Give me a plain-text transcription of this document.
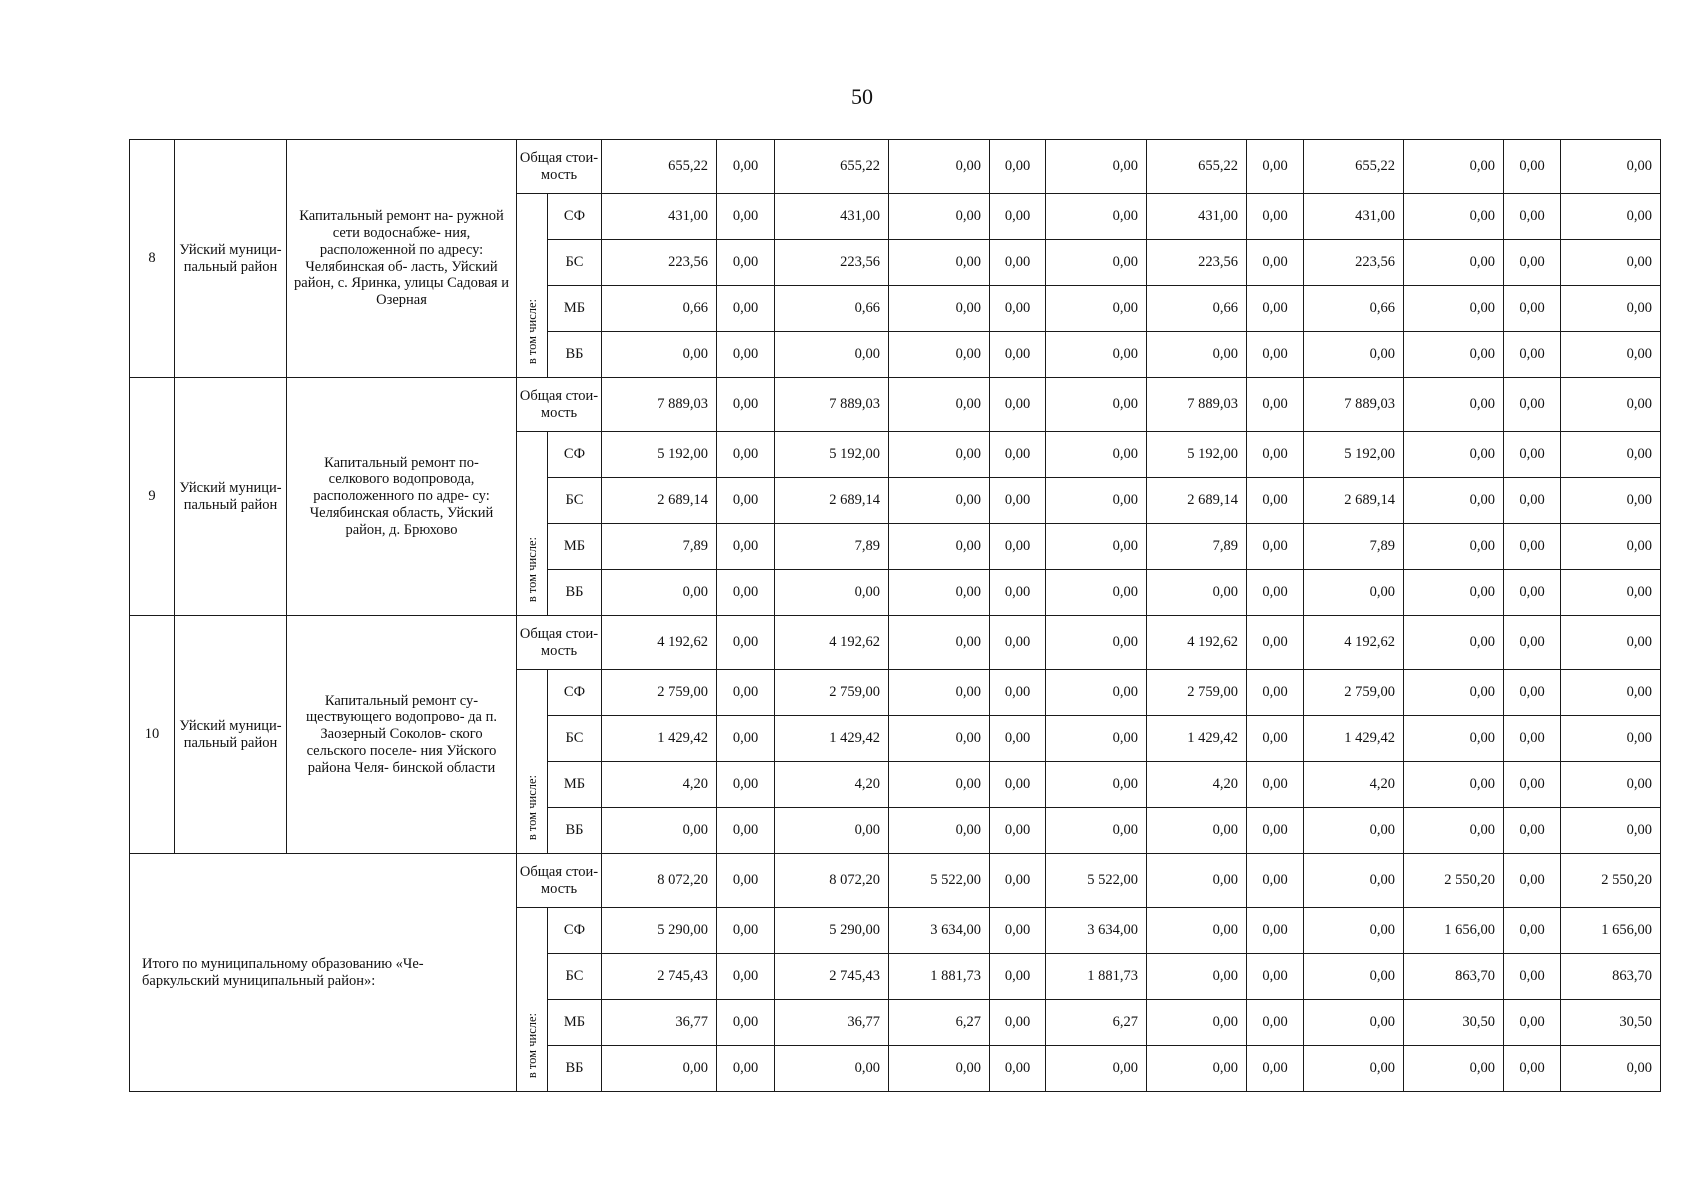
50
8	Уйский муници- пальный район	Капитальный ремонт на- ружной сети водоснабже- ния, расположенной по адресу: Челябинская об- ласть, Уйский район, с. Яринка, улицы Садовая и Озерная	Общая стои- мость		655,22	0,00	655,22	0,00	0,00	0,00	655,22	0,00	655,22	0,00	0,00	0,00
			в том числе:	СФ	431,00	0,00	431,00	0,00	0,00	0,00	431,00	0,00	431,00	0,00	0,00	0,00
				БС	223,56	0,00	223,56	0,00	0,00	0,00	223,56	0,00	223,56	0,00	0,00	0,00
				МБ	0,66	0,00	0,66	0,00	0,00	0,00	0,66	0,00	0,66	0,00	0,00	0,00
				ВБ	0,00	0,00	0,00	0,00	0,00	0,00	0,00	0,00	0,00	0,00	0,00	0,00
9	Уйский муници- пальный район	Капитальный ремонт по- селкового водопровода, расположенного по адре- су: Челябинская область, Уйский район, д. Брюхово	Общая стои- мость		7 889,03	0,00	7 889,03	0,00	0,00	0,00	7 889,03	0,00	7 889,03	0,00	0,00	0,00
			в том числе:	СФ	5 192,00	0,00	5 192,00	0,00	0,00	0,00	5 192,00	0,00	5 192,00	0,00	0,00	0,00
				БС	2 689,14	0,00	2 689,14	0,00	0,00	0,00	2 689,14	0,00	2 689,14	0,00	0,00	0,00
				МБ	7,89	0,00	7,89	0,00	0,00	0,00	7,89	0,00	7,89	0,00	0,00	0,00
				ВБ	0,00	0,00	0,00	0,00	0,00	0,00	0,00	0,00	0,00	0,00	0,00	0,00
10	Уйский муници- пальный район	Капитальный ремонт су- ществующего водопрово- да п. Заозерный Соколов- ского сельского поселе- ния Уйского района Челя- бинской области	Общая стои- мость		4 192,62	0,00	4 192,62	0,00	0,00	0,00	4 192,62	0,00	4 192,62	0,00	0,00	0,00
			в том числе:	СФ	2 759,00	0,00	2 759,00	0,00	0,00	0,00	2 759,00	0,00	2 759,00	0,00	0,00	0,00
				БС	1 429,42	0,00	1 429,42	0,00	0,00	0,00	1 429,42	0,00	1 429,42	0,00	0,00	0,00
				МБ	4,20	0,00	4,20	0,00	0,00	0,00	4,20	0,00	4,20	0,00	0,00	0,00
				ВБ	0,00	0,00	0,00	0,00	0,00	0,00	0,00	0,00	0,00	0,00	0,00	0,00
Итого по муниципальному образованию «Че- баркульский муниципальный район»:			Общая стои- мость		8 072,20	0,00	8 072,20	5 522,00	0,00	5 522,00	0,00	0,00	0,00	2 550,20	0,00	2 550,20
			в том числе:	СФ	5 290,00	0,00	5 290,00	3 634,00	0,00	3 634,00	0,00	0,00	0,00	1 656,00	0,00	1 656,00
				БС	2 745,43	0,00	2 745,43	1 881,73	0,00	1 881,73	0,00	0,00	0,00	863,70	0,00	863,70
				МБ	36,77	0,00	36,77	6,27	0,00	6,27	0,00	0,00	0,00	30,50	0,00	30,50
				ВБ	0,00	0,00	0,00	0,00	0,00	0,00	0,00	0,00	0,00	0,00	0,00	0,00
